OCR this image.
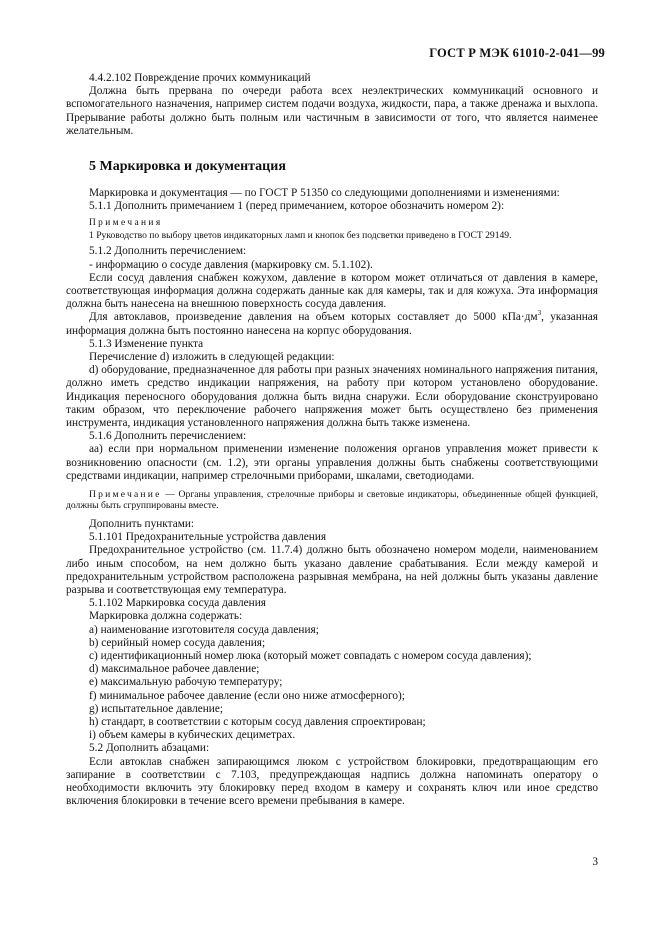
ГОСТ Р МЭК 61010-2-041—99

4.4.2.102 Повреждение прочих коммуникаций

Должна быть прервана по очереди работа всех неэлектрических коммуникаций основного и вспомогательного назначения, например систем подачи воздуха, жидкости, пара, а также дренажа и выхлопа. Прерывание работы должно быть полным или частичным в зависимости от того, что является наименее желательным.

5 Маркировка и документация

Маркировка и документация — по ГОСТ Р 51350 со следующими дополнениями и изменениями:

5.1.1 Дополнить примечанием 1 (перед примечанием, которое обозначить номером 2):

Примечания

1 Руководство по выбору цветов индикаторных ламп и кнопок без подсветки приведено в ГОСТ 29149.

5.1.2 Дополнить перечислением:

- информацию о сосуде давления (маркировку см. 5.1.102).

Если сосуд давления снабжен кожухом, давление в котором может отличаться от давления в камере, соответствующая информация должна содержать данные как для камеры, так и для кожуха. Эта информация должна быть нанесена на внешнюю поверхность сосуда давления.

Для автоклавов, произведение давления на объем которых составляет до 5000 $кПа\cdot дм^3$, указанная информация должна быть постоянно нанесена на корпус оборудования.

5.1.3 Изменение пункта

Перечисление d) изложить в следующей редакции:

d) оборудование, предназначенное для работы при разных значениях номинального напряжения питания, должно иметь средство индикации напряжения, на работу при котором установлено оборудование. Индикация переносного оборудования должна быть видна снаружи. Если оборудование сконструировано таким образом, что переключение рабочего напряжения может быть осуществлено без применения инструмента, индикация установленного напряжения должна быть также изменена.

5.1.6 Дополнить перечислением:

aa) если при нормальном применении изменение положения органов управления может привести к возникновению опасности (см. 1.2), эти органы управления должны быть снабжены соответствующими средствами индикации, например стрелочными приборами, шкалами, светодиодами.

Примечание — Органы управления, стрелочные приборы и световые индикаторы, объединенные общей функцией, должны быть сгруппированы вместе.

Дополнить пунктами:

5.1.101 Предохранительные устройства давления

Предохранительное устройство (см. 11.7.4) должно быть обозначено номером модели, наименованием либо иным способом, на нем должно быть указано давление срабатывания. Если между камерой и предохранительным устройством расположена разрывная мембрана, на ней должны быть указаны давление разрыва и соответствующая ему температура.

5.1.102 Маркировка сосуда давления

Маркировка должна содержать:

a) наименование изготовителя сосуда давления;

b) серийный номер сосуда давления;

c) идентификационный номер люка (который может совпадать с номером сосуда давления);

d) максимальное рабочее давление;

e) максимальную рабочую температуру;

f) минимальное рабочее давление (если оно ниже атмосферного);

g) испытательное давление;

h) стандарт, в соответствии с которым сосуд давления спроектирован;

i) объем камеры в кубических дециметрах.

5.2 Дополнить абзацами:

Если автоклав снабжен запирающимся люком с устройством блокировки, предотвращающим его запирание в соответствии с 7.103, предупреждающая надпись должна напоминать оператору о необходимости включить эту блокировку перед входом в камеру и сохранять ключ или иное средство включения блокировки в течение всего времени пребывания в камере.

3
